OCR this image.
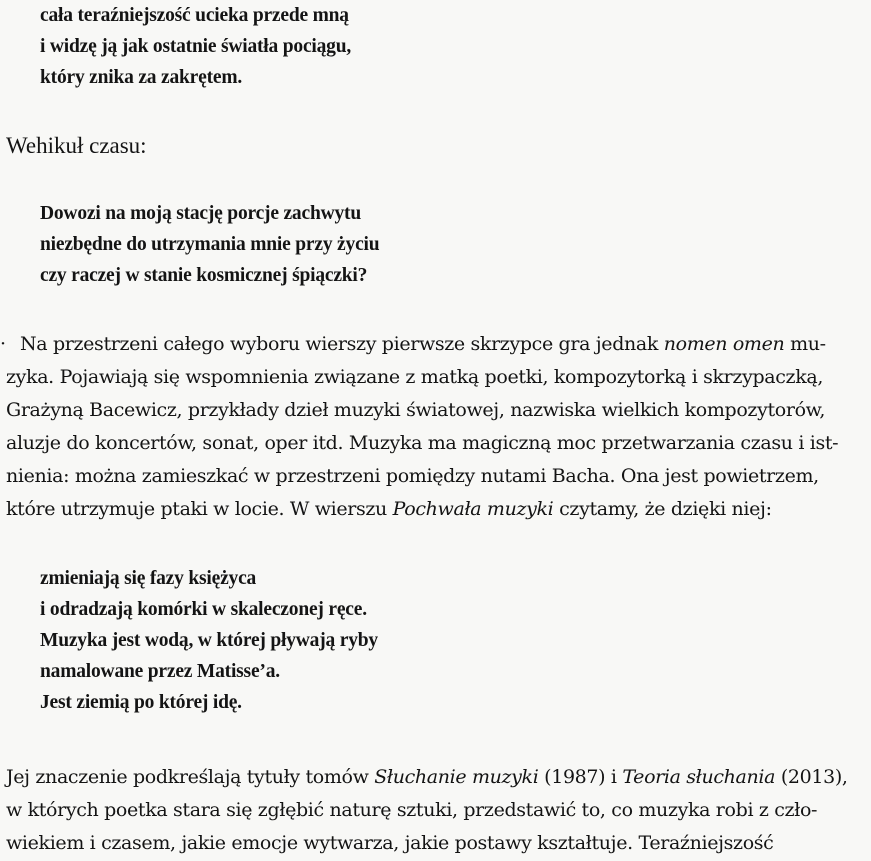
cała teraźniejszość ucieka przede mną
i widzę ją jak ostatnie światła pociągu,
który znika za zakrętem.
Wehikuł czasu:
Dowozi na moją stację porcje zachwytu
niezbędne do utrzymania mnie przy życiu
czy raczej w stanie kosmicznej śpiączki?
· Na przestrzeni całego wyboru wierszy pierwsze skrzypce gra jednak nomen omen mu-
zyka. Pojawiają się wspomnienia związane z matką poetki, kompozytorką i skrzypaczką,
Grażyną Bacewicz, przykłady dzieł muzyki światowej, nazwiska wielkich kompozytorów,
aluzje do koncertów, sonat, oper itd. Muzyka ma magiczną moc przetwarzania czasu i ist-
nienia: można zamieszkać w przestrzeni pomiędzy nutami Bacha. Ona jest powietrzem,
które utrzymuje ptaki w locie. W wierszu Pochwała muzyki czytamy, że dzięki niej:
zmieniają się fazy księżyca
i odradzają komórki w skaleczonej ręce.
Muzyka jest wodą, w której pływają ryby
namalowane przez Matisse’a.
Jest ziemią po której idę.
Jej znaczenie podkreślają tytuły tomów Słuchanie muzyki (1987) i Teoria słuchania (2013),
w których poetka stara się zgłębić naturę sztuki, przedstawić to, co muzyka robi z czło-
wiekiem i czasem, jakie emocje wytwarza, jakie postawy kształtuje. Teraźniejszość
